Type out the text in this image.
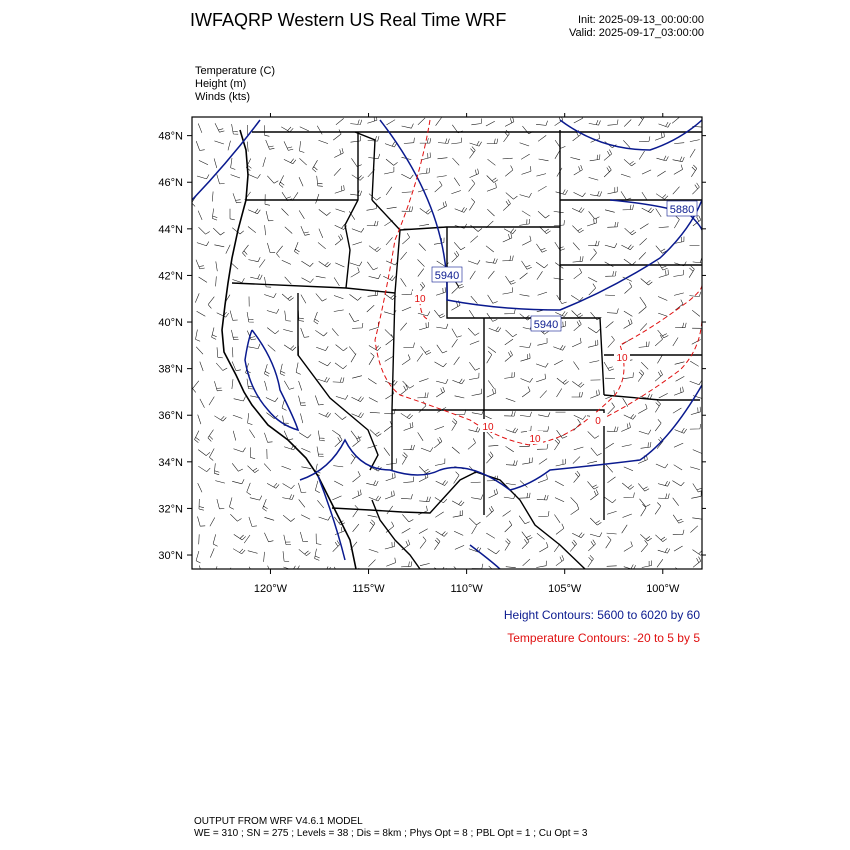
IWFAQRP Western US Real Time WRF	Init: 2025-09-13_00:00:00
Valid: 2025-09-17_03:00:00
Temperature (C)
Height (m)
Winds (kts)
48°N
46°N
44°N
42°N
40°N
38°N
36°N
34°N
32°N
30°N
120°W	115°W	110°W	105°W	100°W
5880
5940
5940
10
10
10
10
0
Height Contours: 5600 to 6020 by 60
Temperature Contours: -20 to 5 by 5
OUTPUT FROM WRF V4.6.1 MODEL
WE = 310 ; SN = 275 ; Levels = 38 ; Dis = 8km ; Phys Opt = 8 ; PBL Opt = 1 ; Cu Opt = 3
